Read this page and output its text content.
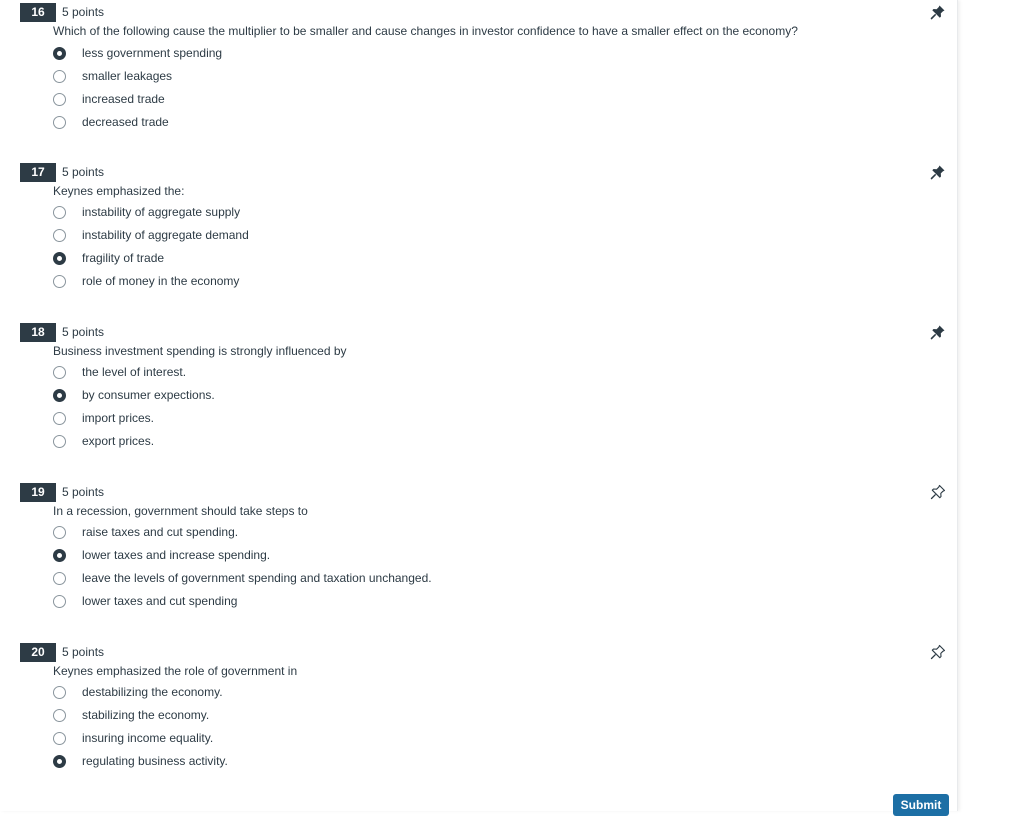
16	5 points
Which of the following cause the multiplier to be smaller and cause changes in investor confidence to have a smaller effect on the economy?
less government spending
smaller leakages
increased trade
decreased trade
17	5 points
Keynes emphasized the:
instability of aggregate supply
instability of aggregate demand
fragility of trade
role of money in the economy
18	5 points
Business investment spending is strongly influenced by
the level of interest.
by consumer expections.
import prices.
export prices.
19	5 points
In a recession, government should take steps to
raise taxes and cut spending.
lower taxes and increase spending.
leave the levels of government spending and taxation unchanged.
lower taxes and cut spending
20	5 points
Keynes emphasized the role of government in
destabilizing the economy.
stabilizing the economy.
insuring income equality.
regulating business activity.
Submit
